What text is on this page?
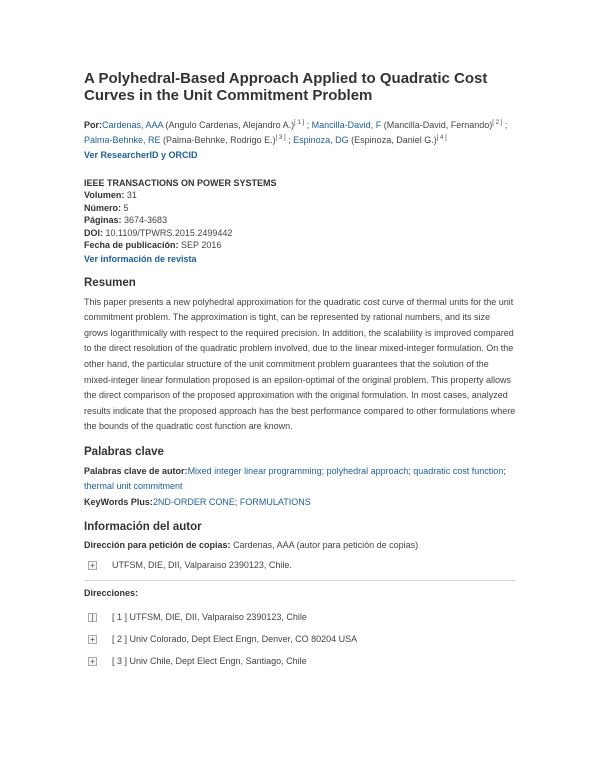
A Polyhedral-Based Approach Applied to Quadratic Cost Curves in the Unit Commitment Problem
Por:Cardenas, AAA (Angulo Cardenas, Alejandro A.)[ 1 ] ; Mancilla-David, F (Mancilla-David, Fernando)[ 2 ] ; Palma-Behnke, RE (Palma-Behnke, Rodrigo E.)[ 3 ] ; Espinoza, DG (Espinoza, Daniel G.)[ 4 ]
Ver ResearcherID y ORCID
IEEE TRANSACTIONS ON POWER SYSTEMS
Volumen: 31
Número: 5
Páginas: 3674-3683
DOI: 10.1109/TPWRS.2015.2499442
Fecha de publicación: SEP 2016
Ver información de revista
Resumen
This paper presents a new polyhedral approximation for the quadratic cost curve of thermal units for the unit commitment problem. The approximation is tight, can be represented by rational numbers, and its size grows logarithmically with respect to the required precision. In addition, the scalability is improved compared to the direct resolution of the quadratic problem involved, due to the linear mixed-integer formulation. On the other hand, the particular structure of the unit commitment problem guarantees that the solution of the mixed-integer linear formulation proposed is an epsilon-optimal of the original problem. This property allows the direct comparison of the proposed approximation with the original formulation. In most cases, analyzed results indicate that the proposed approach has the best performance compared to other formulations where the bounds of the quadratic cost function are known.
Palabras clave
Palabras clave de autor:Mixed integer linear programming; polyhedral approach; quadratic cost function; thermal unit commitment
KeyWords Plus:2ND-ORDER CONE; FORMULATIONS
Información del autor
Dirección para petición de copias: Cardenas, AAA (autor para petición de copias)
+ UTFSM, DIE, DII, Valparaiso 2390123, Chile.
Direcciones:
|	[ 1 ] UTFSM, DIE, DII, Valparaiso 2390123, Chile
+ [ 2 ] Univ Colorado, Dept Elect Engn, Denver, CO 80204 USA
+ [ 3 ] Univ Chile, Dept Elect Engn, Santiago, Chile
